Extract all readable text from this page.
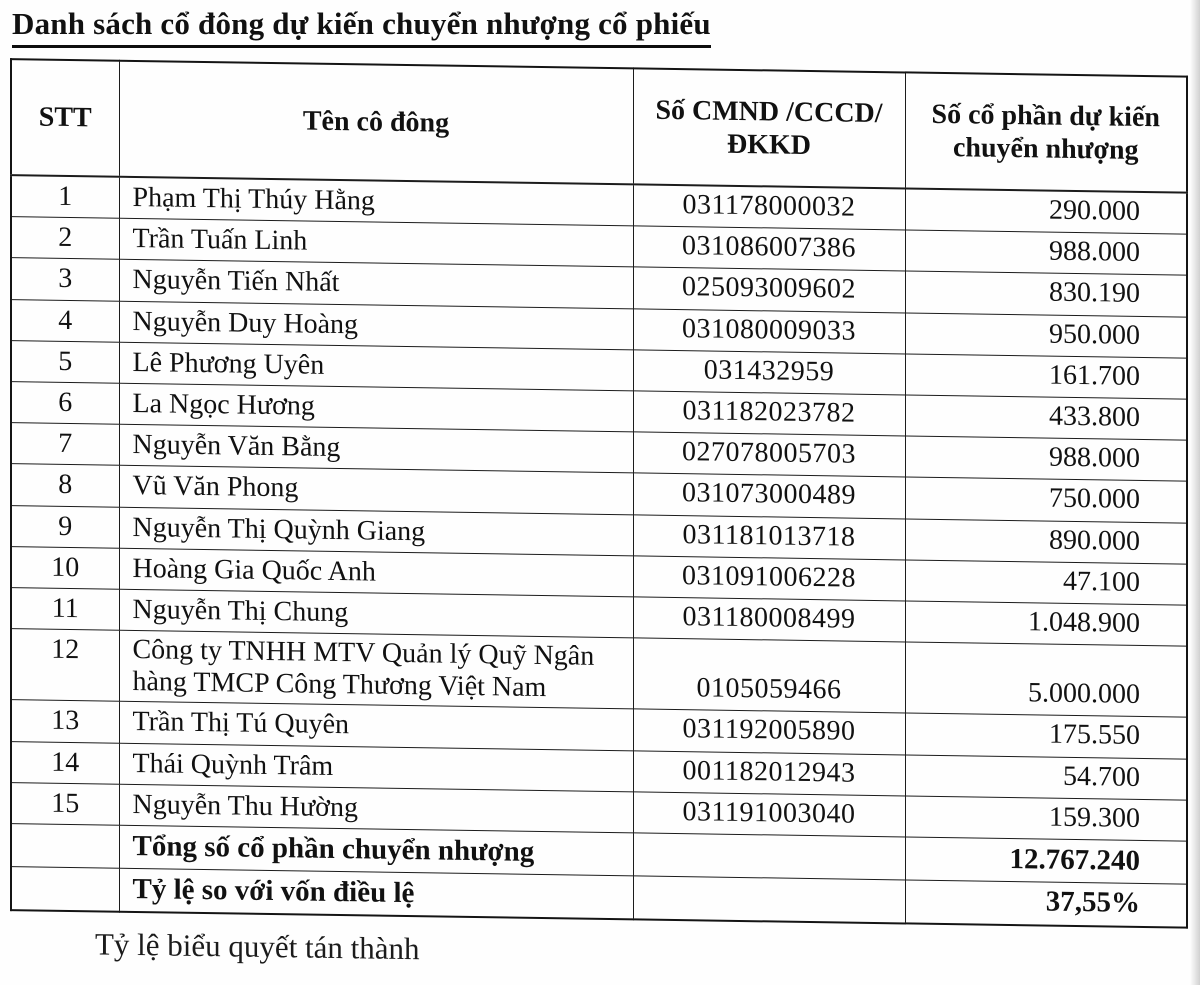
Danh sách cổ đông dự kiến chuyển nhượng cổ phiếu
STT	Tên cô đông	Số CMND /CCCD/ĐKKD	Số cổ phần dự kiến chuyển nhượng
1	Phạm Thị Thúy Hằng	031178000032	290.000
2	Trần Tuấn Linh	031086007386	988.000
3	Nguyễn Tiến Nhất	025093009602	830.190
4	Nguyễn Duy Hoàng	031080009033	950.000
5	Lê Phương Uyên	031432959	161.700
6	La Ngọc Hương	031182023782	433.800
7	Nguyễn Văn Bằng	027078005703	988.000
8	Vũ Văn Phong	031073000489	750.000
9	Nguyễn Thị Quỳnh Giang	031181013718	890.000
10	Hoàng Gia Quốc Anh	031091006228	47.100
11	Nguyễn Thị Chung	031180008499	1.048.900
12	Công ty TNHH MTV Quản lý Quỹ Ngân hàng TMCP Công Thương Việt Nam	0105059466	5.000.000
13	Trần Thị Tú Quyên	031192005890	175.550
14	Thái Quỳnh Trâm	001182012943	54.700
15	Nguyễn Thu Hường	031191003040	159.300
	Tổng số cổ phần chuyển nhượng		12.767.240
	Tỷ lệ so với vốn điều lệ		37,55%
Tỷ lệ biểu quyết tán thành
